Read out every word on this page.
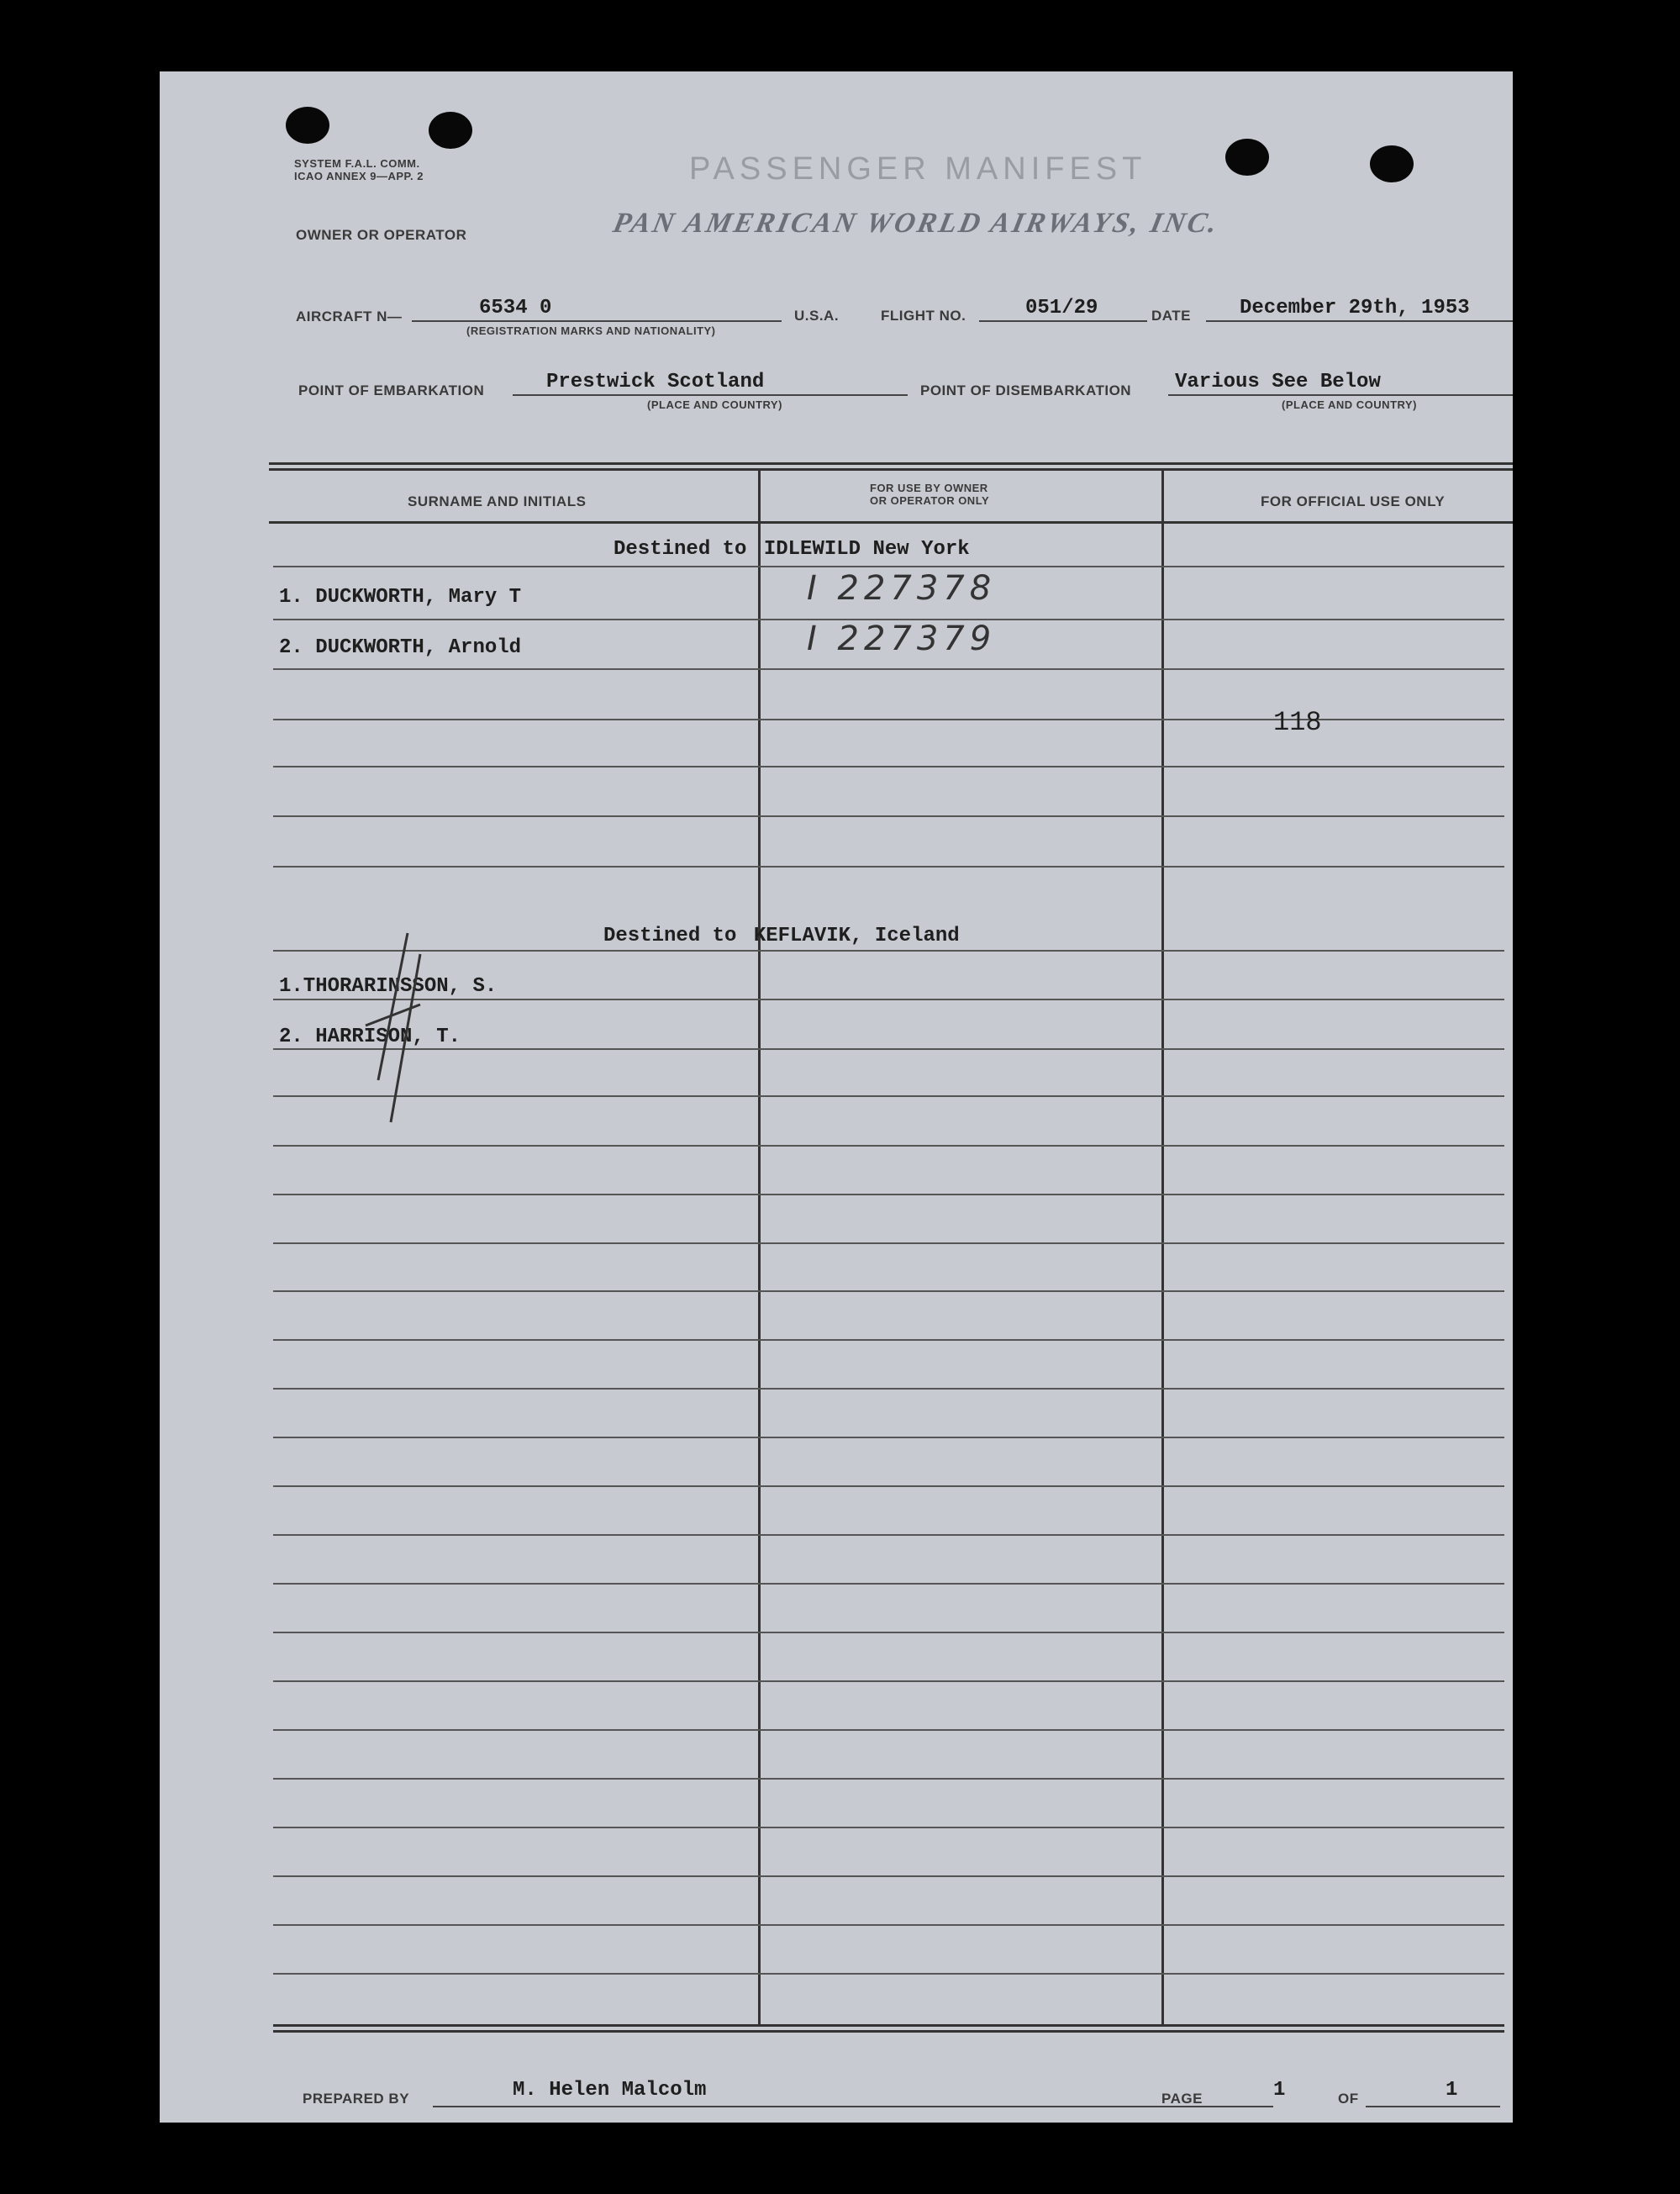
SYSTEM F.A.L. COMM.
ICAO ANNEX 9—APP. 2	PASSENGER MANIFEST
OWNER OR OPERATOR	PAN AMERICAN WORLD AIRWAYS, INC.
AIRCRAFT N—	6534 0
(REGISTRATION MARKS AND NATIONALITY)
U.S.A.	FLIGHT NO.	051/29	DATE December 29th, 1953
POINT OF EMBARKATION	Prestwick Scotland
(PLACE AND COUNTRY)
POINT OF DISEMBARKATION Various See Below
(PLACE AND COUNTRY)
SURNAME AND INITIALS
FOR USE BY OWNER
OR OPERATOR ONLY	FOR OFFICIAL USE ONLY
Destined to IDLEWILD New York
1. DUCKWORTH, Mary T	I 227378
2. DUCKWORTH, Arnold	I 227379
118
Destined to KEFLAVIK, Iceland
1.THORARINSSON, S.
2. HARRISON, T.
PREPARED BY	M. Helen Malcolm	PAGE	1	OF	1
